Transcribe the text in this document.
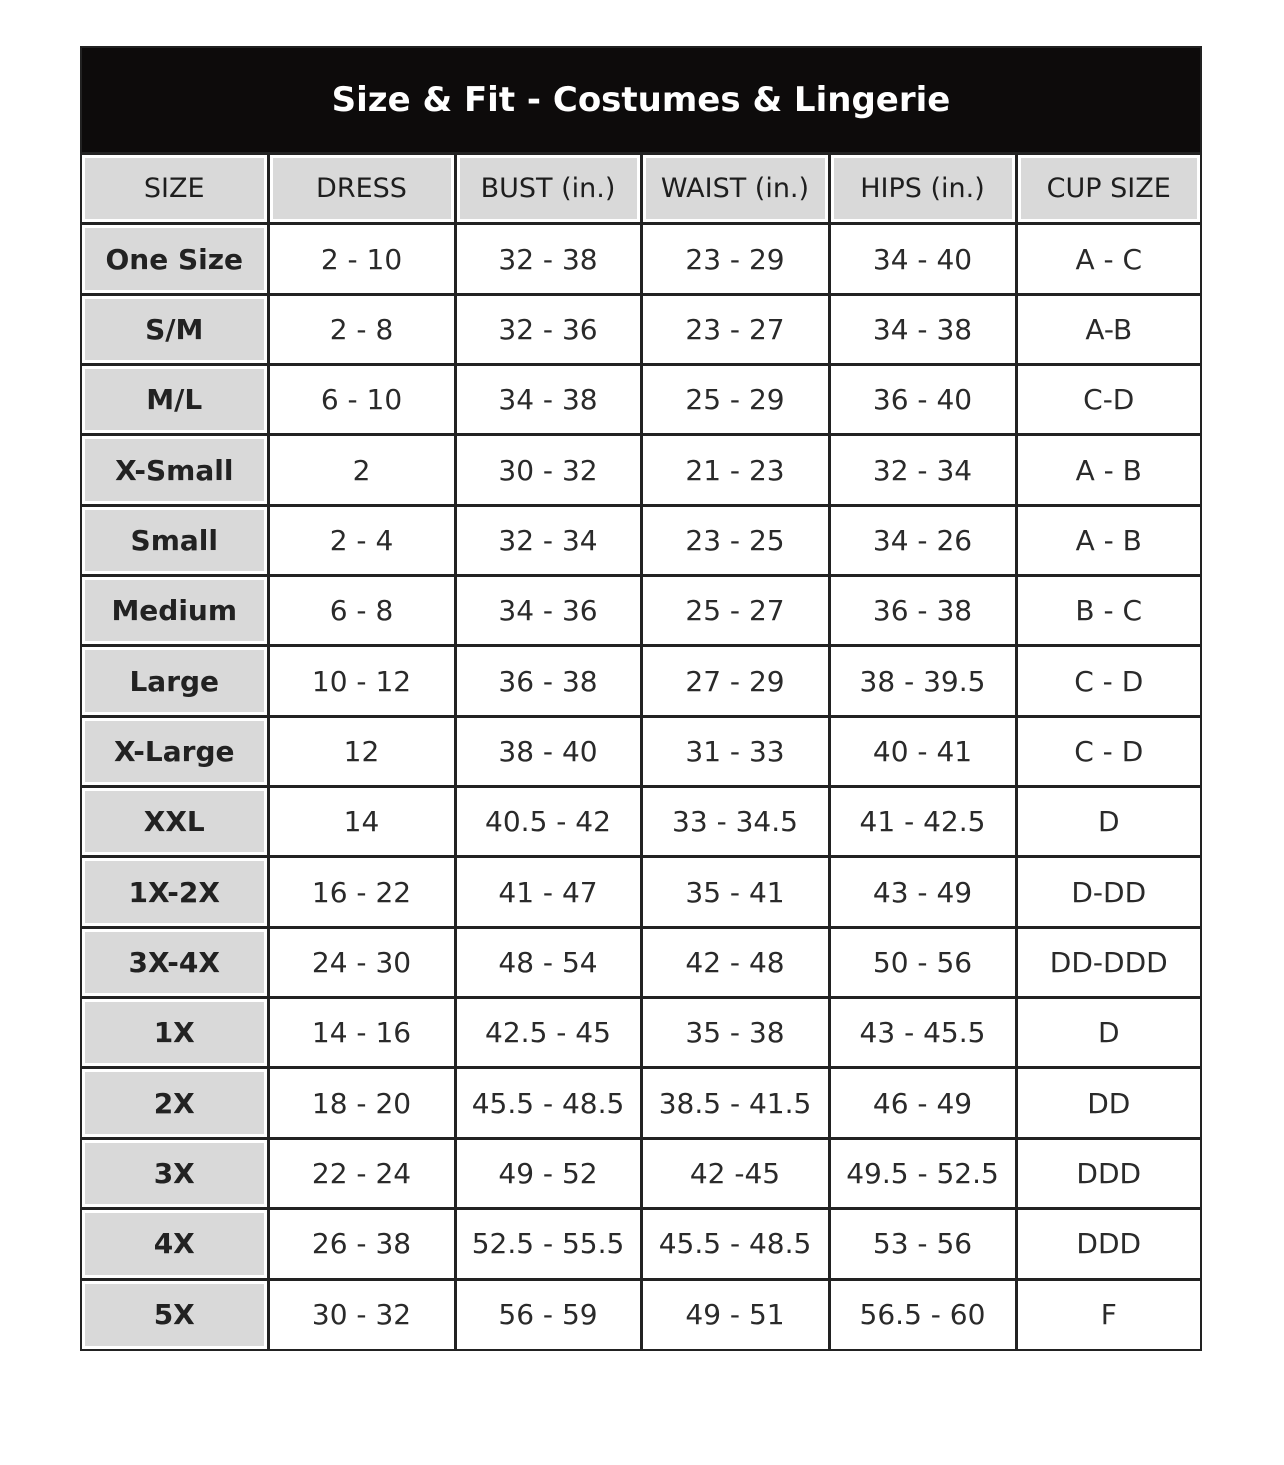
Size & Fit - Costumes & Lingerie
SIZE	DRESS	BUST (in.)	WAIST (in.)	HIPS (in.)	CUP SIZE
One Size	2 - 10	32 - 38	23 - 29	34 - 40	A - C
S/M	2 - 8	32 - 36	23 - 27	34 - 38	A-B
M/L	6 - 10	34 - 38	25 - 29	36 - 40	C-D
X-Small	2	30 - 32	21 - 23	32 - 34	A - B
Small	2 - 4	32 - 34	23 - 25	34 - 26	A - B
Medium	6 - 8	34 - 36	25 - 27	36 - 38	B - C
Large	10 - 12	36 - 38	27 - 29	38 - 39.5	C - D
X-Large	12	38 - 40	31 - 33	40 - 41	C - D
XXL	14	40.5 - 42	33 - 34.5	41 - 42.5	D
1X-2X	16 - 22	41 - 47	35 - 41	43 - 49	D-DD
3X-4X	24 - 30	48 - 54	42 - 48	50 - 56	DD-DDD
1X	14 - 16	42.5 - 45	35 - 38	43 - 45.5	D
2X	18 - 20	45.5 - 48.5	38.5 - 41.5	46 - 49	DD
3X	22 - 24	49 - 52	42 -45	49.5 - 52.5	DDD
4X	26 - 38	52.5 - 55.5	45.5 - 48.5	53 - 56	DDD
5X	30 - 32	56 - 59	49 - 51	56.5 - 60	F
